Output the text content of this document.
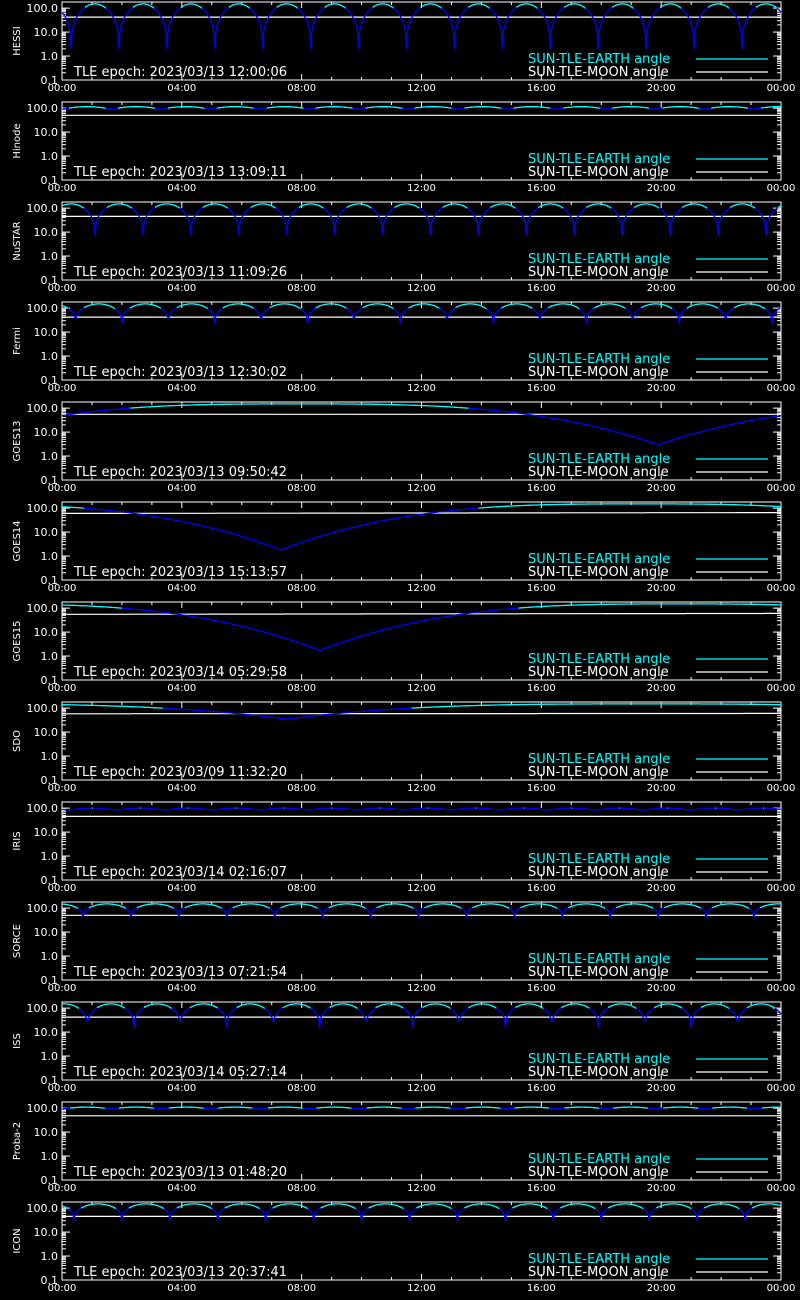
0.1
1.0
10.0
100.0
00:00	04:00	08:00	12:00	16:00	20:00	00:00
HESSI
TLE epoch: 2023/03/13 12:00:06
SUN-TLE-EARTH angle
SUN-TLE-MOON angle
0.1
1.0
10.0
100.0
00:00	04:00	08:00	12:00	16:00	20:00	00:00
Hinode
TLE epoch: 2023/03/13 13:09:11
SUN-TLE-EARTH angle
SUN-TLE-MOON angle
0.1
1.0
10.0
100.0
00:00	04:00	08:00	12:00	16:00	20:00	00:00
NuSTAR
TLE epoch: 2023/03/13 11:09:26
SUN-TLE-EARTH angle
SUN-TLE-MOON angle
0.1
1.0
10.0
100.0
00:00	04:00	08:00	12:00	16:00	20:00	00:00
Fermi
TLE epoch: 2023/03/13 12:30:02
SUN-TLE-EARTH angle
SUN-TLE-MOON angle
0.1
1.0
10.0
100.0
00:00	04:00	08:00	12:00	16:00	20:00	00:00
GOES13
TLE epoch: 2023/03/13 09:50:42
SUN-TLE-EARTH angle
SUN-TLE-MOON angle
0.1
1.0
10.0
100.0
00:00	04:00	08:00	12:00	16:00	20:00	00:00
GOES14
TLE epoch: 2023/03/13 15:13:57
SUN-TLE-EARTH angle
SUN-TLE-MOON angle
0.1
1.0
10.0
100.0
00:00	04:00	08:00	12:00	16:00	20:00	00:00
GOES15
TLE epoch: 2023/03/14 05:29:58
SUN-TLE-EARTH angle
SUN-TLE-MOON angle
0.1
1.0
10.0
100.0
00:00	04:00	08:00	12:00	16:00	20:00	00:00
SDO
TLE epoch: 2023/03/09 11:32:20
SUN-TLE-EARTH angle
SUN-TLE-MOON angle
0.1
1.0
10.0
100.0
00:00	04:00	08:00	12:00	16:00	20:00	00:00
IRIS
TLE epoch: 2023/03/14 02:16:07
SUN-TLE-EARTH angle
SUN-TLE-MOON angle
0.1
1.0
10.0
100.0
00:00	04:00	08:00	12:00	16:00	20:00	00:00
SORCE
TLE epoch: 2023/03/13 07:21:54
SUN-TLE-EARTH angle
SUN-TLE-MOON angle
0.1
1.0
10.0
100.0
00:00	04:00	08:00	12:00	16:00	20:00	00:00
ISS
TLE epoch: 2023/03/14 05:27:14
SUN-TLE-EARTH angle
SUN-TLE-MOON angle
0.1
1.0
10.0
100.0
00:00	04:00	08:00	12:00	16:00	20:00	00:00
Proba-2
TLE epoch: 2023/03/13 01:48:20
SUN-TLE-EARTH angle
SUN-TLE-MOON angle
0.1
1.0
10.0
100.0
00:00	04:00	08:00	12:00	16:00	20:00	00:00
ICON
TLE epoch: 2023/03/13 20:37:41
SUN-TLE-EARTH angle
SUN-TLE-MOON angle
